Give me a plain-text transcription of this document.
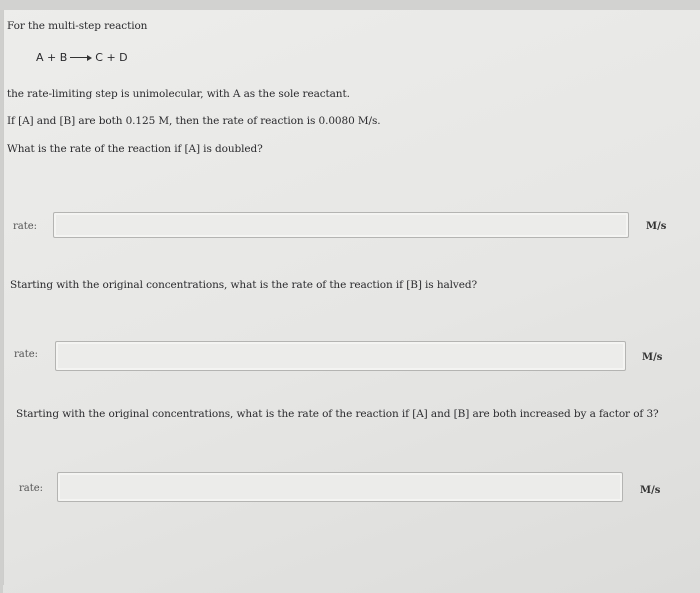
For the multi-step reaction
A + B	C + D
the rate-limiting step is unimolecular, with A as the sole reactant.
If [A] and [B] are both 0.125 M, then the rate of reaction is 0.0080 M/s.
What is the rate of the reaction if [A] is doubled?
rate:	M/s
Starting with the original concentrations, what is the rate of the reaction if [B] is halved?
rate:	M/s
Starting with the original concentrations, what is the rate of the reaction if [A] and [B] are both increased by a factor of 3?
rate:	M/s
